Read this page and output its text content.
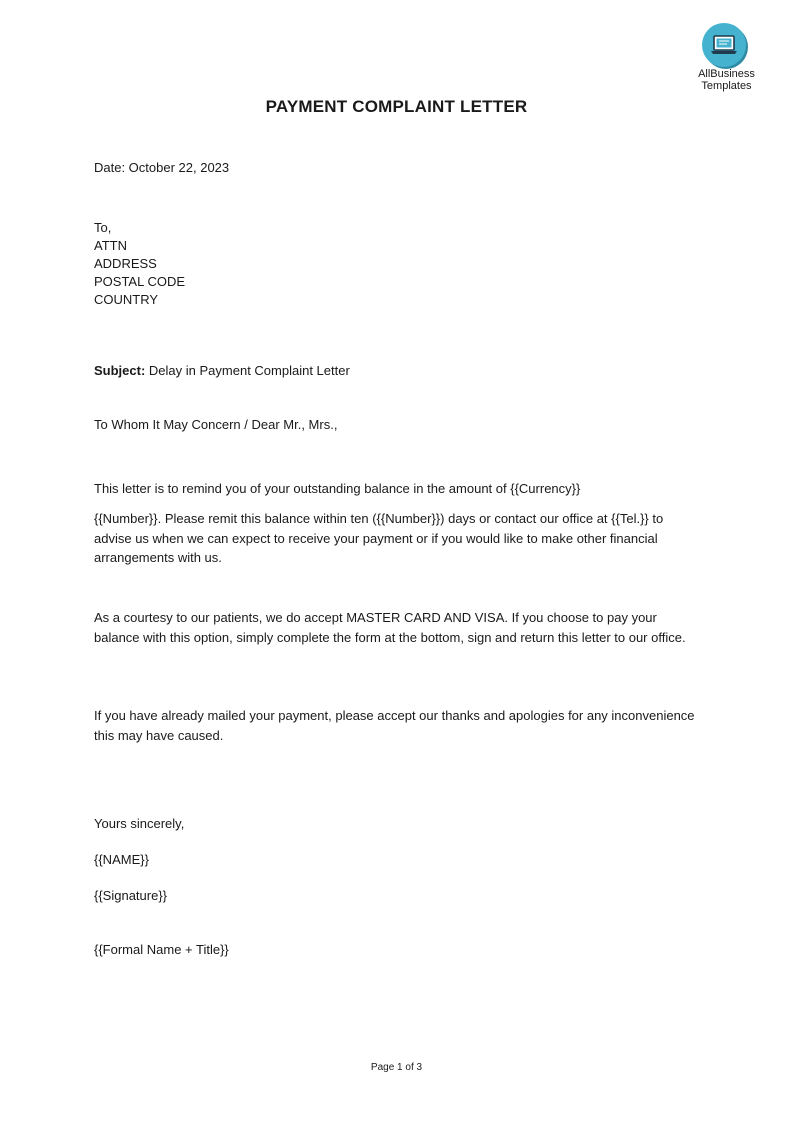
AllBusiness
Templates
PAYMENT COMPLAINT LETTER
Date: October 22, 2023
To,
ATTN
ADDRESS
POSTAL CODE
COUNTRY
Subject: Delay in Payment Complaint Letter
To Whom It May Concern / Dear Mr., Mrs.,
This letter is to remind you of your outstanding balance in the amount of {{Currency}}
{{Number}}. Please remit this balance within ten ({{Number}}) days or contact our office at {{Tel.}} to advise us when we can expect to receive your payment or if you would like to make other financial arrangements with us.
As a courtesy to our patients, we do accept MASTER CARD AND VISA. If you choose to pay your balance with this option, simply complete the form at the bottom, sign and return this letter to our office.
If you have already mailed your payment, please accept our thanks and apologies for any inconvenience this may have caused.
Yours sincerely,
{{NAME}}
{{Signature}}
{{Formal Name + Title}}
Page 1 of 3
